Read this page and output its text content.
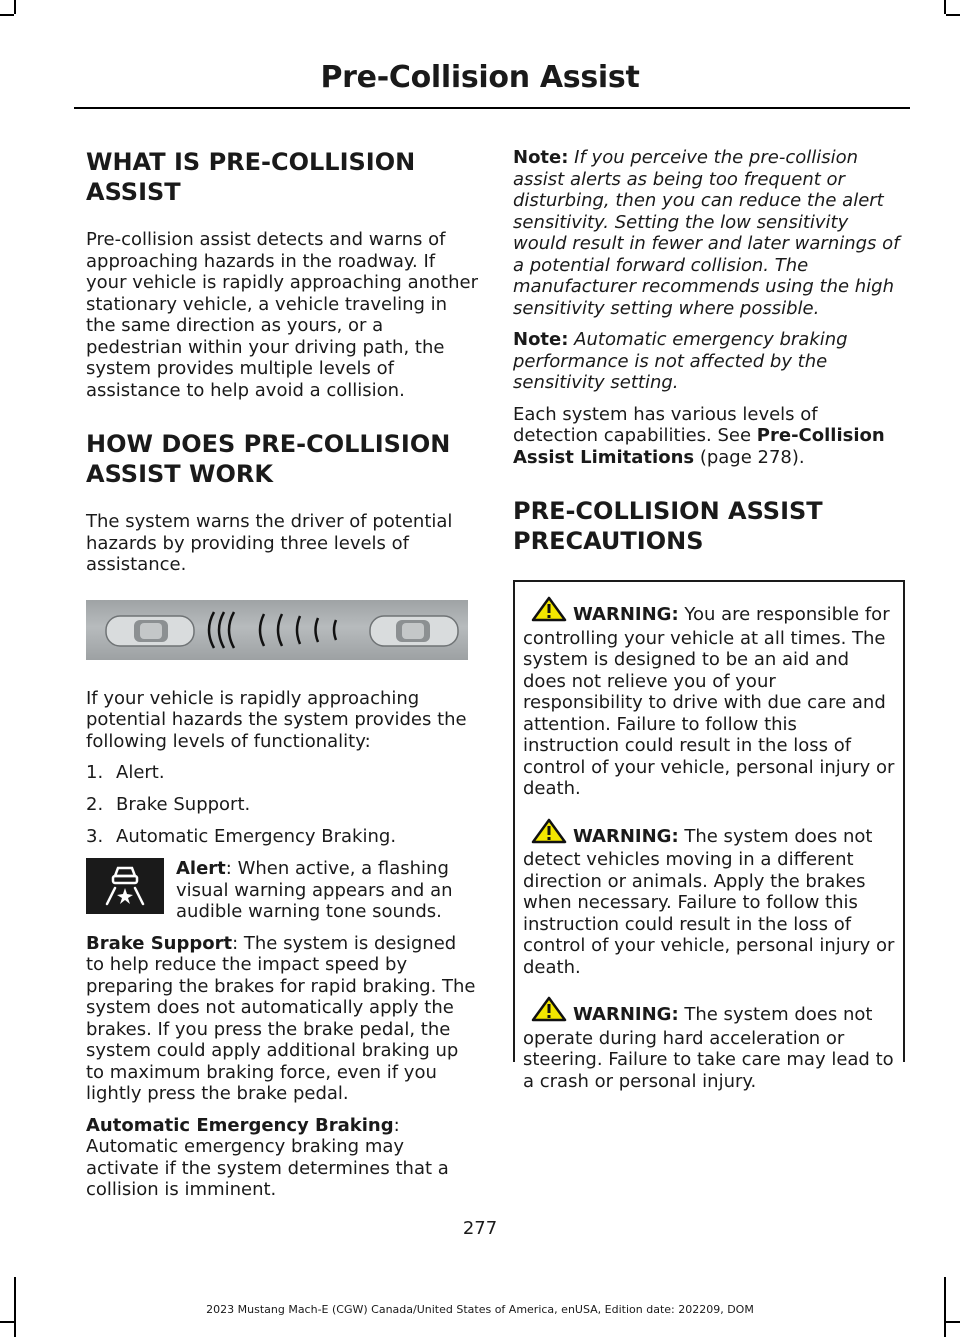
Pre-Collision Assist
WHAT IS PRE-COLLISION ASSIST

Pre-collision assist detects and warns of approaching hazards in the roadway. If your vehicle is rapidly approaching another stationary vehicle, a vehicle traveling in the same direction as yours, or a pedestrian within your driving path, the system provides multiple levels of assistance to help avoid a collision.

HOW DOES PRE-COLLISION ASSIST WORK

The system warns the driver of potential hazards by providing three levels of assistance.

If your vehicle is rapidly approaching potential hazards the system provides the following levels of functionality:

1. Alert.
2. Brake Support.
3. Automatic Emergency Braking.

Alert: When active, a flashing visual warning appears and an audible warning tone sounds.

Brake Support: The system is designed to help reduce the impact speed by preparing the brakes for rapid braking. The system does not automatically apply the brakes. If you press the brake pedal, the system could apply additional braking up to maximum braking force, even if you lightly press the brake pedal.

Automatic Emergency Braking: Automatic emergency braking may activate if the system determines that a collision is imminent.

Note: If you perceive the pre-collision assist alerts as being too frequent or disturbing, then you can reduce the alert sensitivity. Setting the low sensitivity would result in fewer and later warnings of a potential forward collision. The manufacturer recommends using the high sensitivity setting where possible.

Note: Automatic emergency braking performance is not affected by the sensitivity setting.

Each system has various levels of detection capabilities. See Pre-Collision Assist Limitations (page 278).

PRE-COLLISION ASSIST PRECAUTIONS
WARNING: You are responsible for controlling your vehicle at all times. The system is designed to be an aid and does not relieve you of your responsibility to drive with due care and attention. Failure to follow this instruction could result in the loss of control of your vehicle, personal injury or death.
WARNING: The system does not detect vehicles moving in a different direction or animals. Apply the brakes when necessary. Failure to follow this instruction could result in the loss of control of your vehicle, personal injury or death.
WARNING: The system does not operate during hard acceleration or steering. Failure to take care may lead to a crash or personal injury.
277
2023 Mustang Mach-E (CGW) Canada/United States of America, enUSA, Edition date: 202209, DOM
